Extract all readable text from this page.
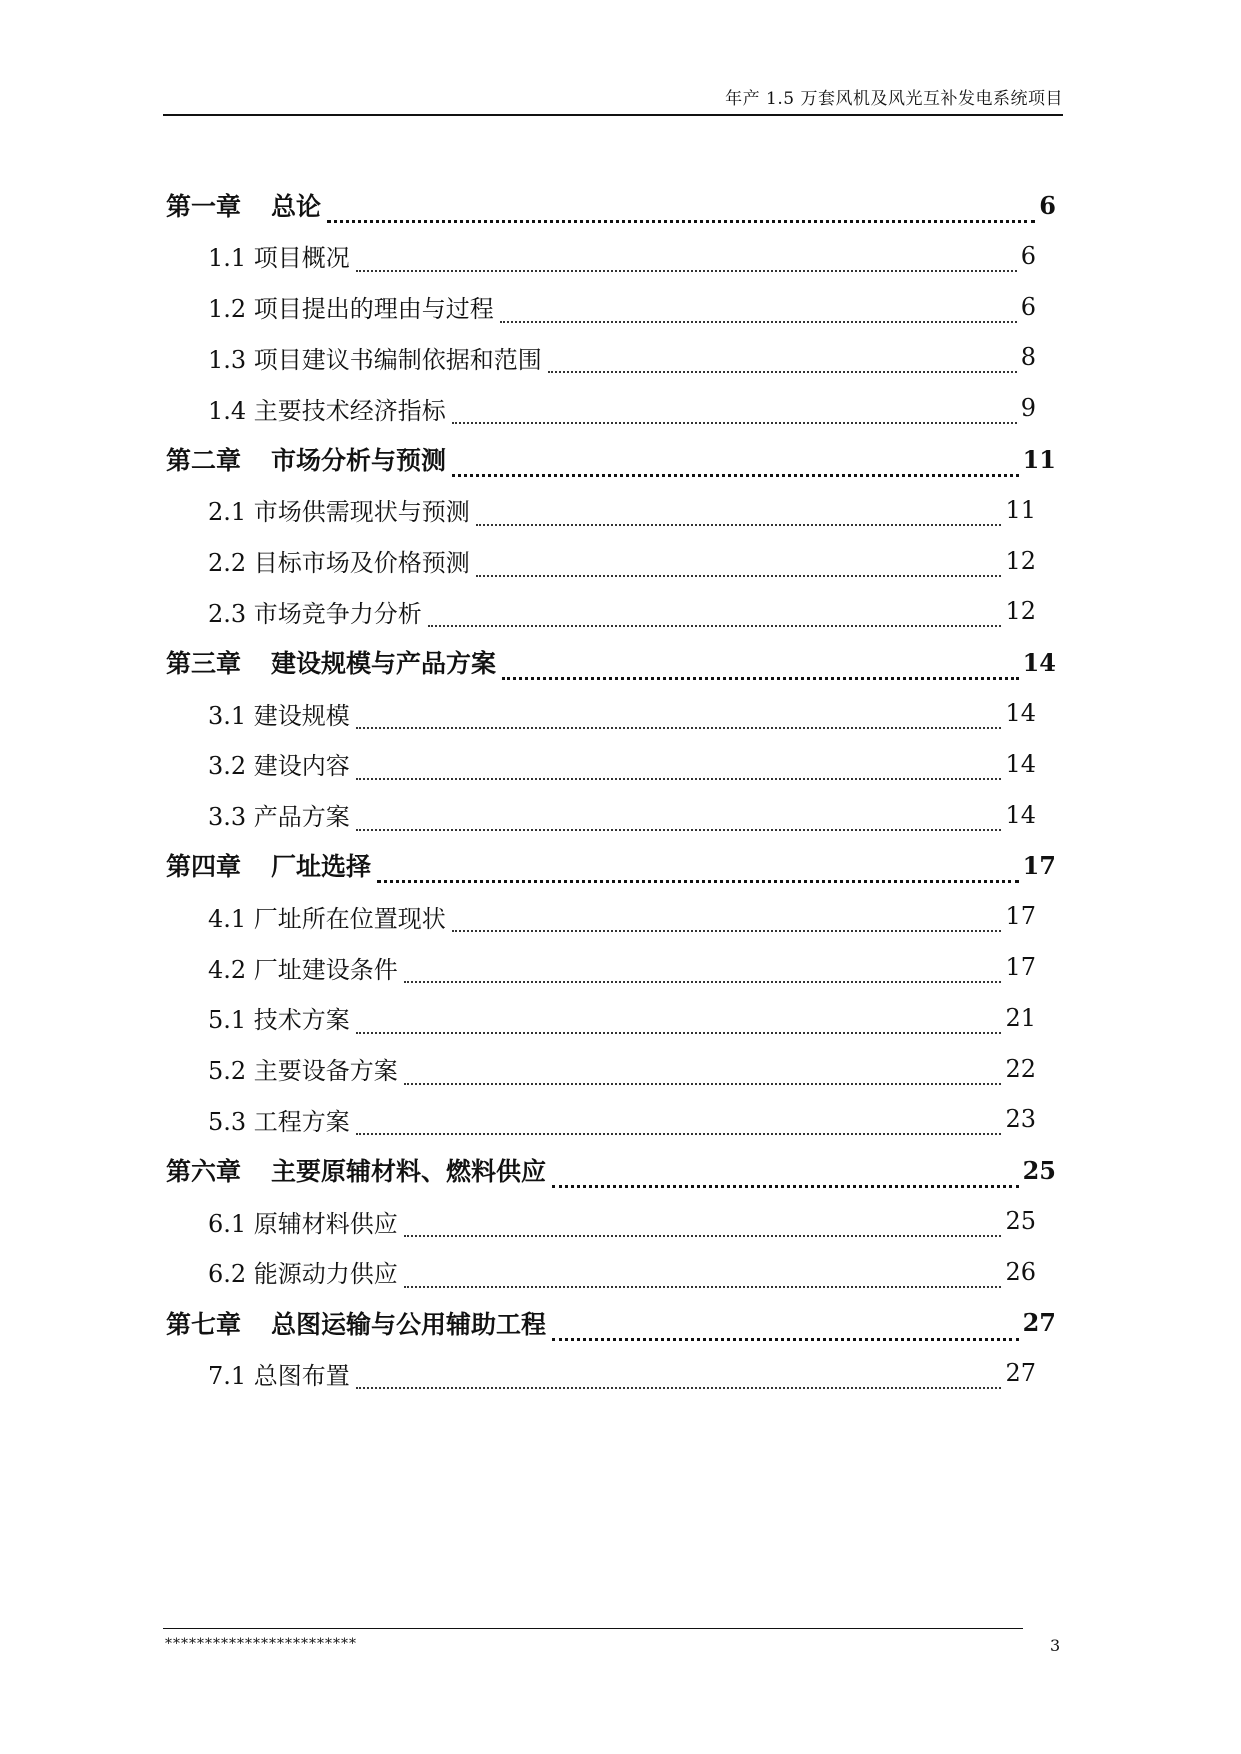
年产 1.5 万套风机及风光互补发电系统项目
第一章 总论	6
1.1 项目概况	6
1.2 项目提出的理由与过程	6
1.3 项目建议书编制依据和范围	8
1.4 主要技术经济指标	9
第二章 市场分析与预测	11
2.1 市场供需现状与预测	11
2.2 目标市场及价格预测	12
2.3 市场竞争力分析	12
第三章 建设规模与产品方案	14
3.1 建设规模	14
3.2 建设内容	14
3.3 产品方案	14
第四章 厂址选择	17
4.1 厂址所在位置现状	17
4.2 厂址建设条件	17
5.1 技术方案	21
5.2 主要设备方案	22
5.3 工程方案	23
第六章 主要原辅材料、燃料供应	25
6.1 原辅材料供应	25
6.2 能源动力供应	26
第七章 总图运输与公用辅助工程	27
7.1 总图布置	27
************************	3
